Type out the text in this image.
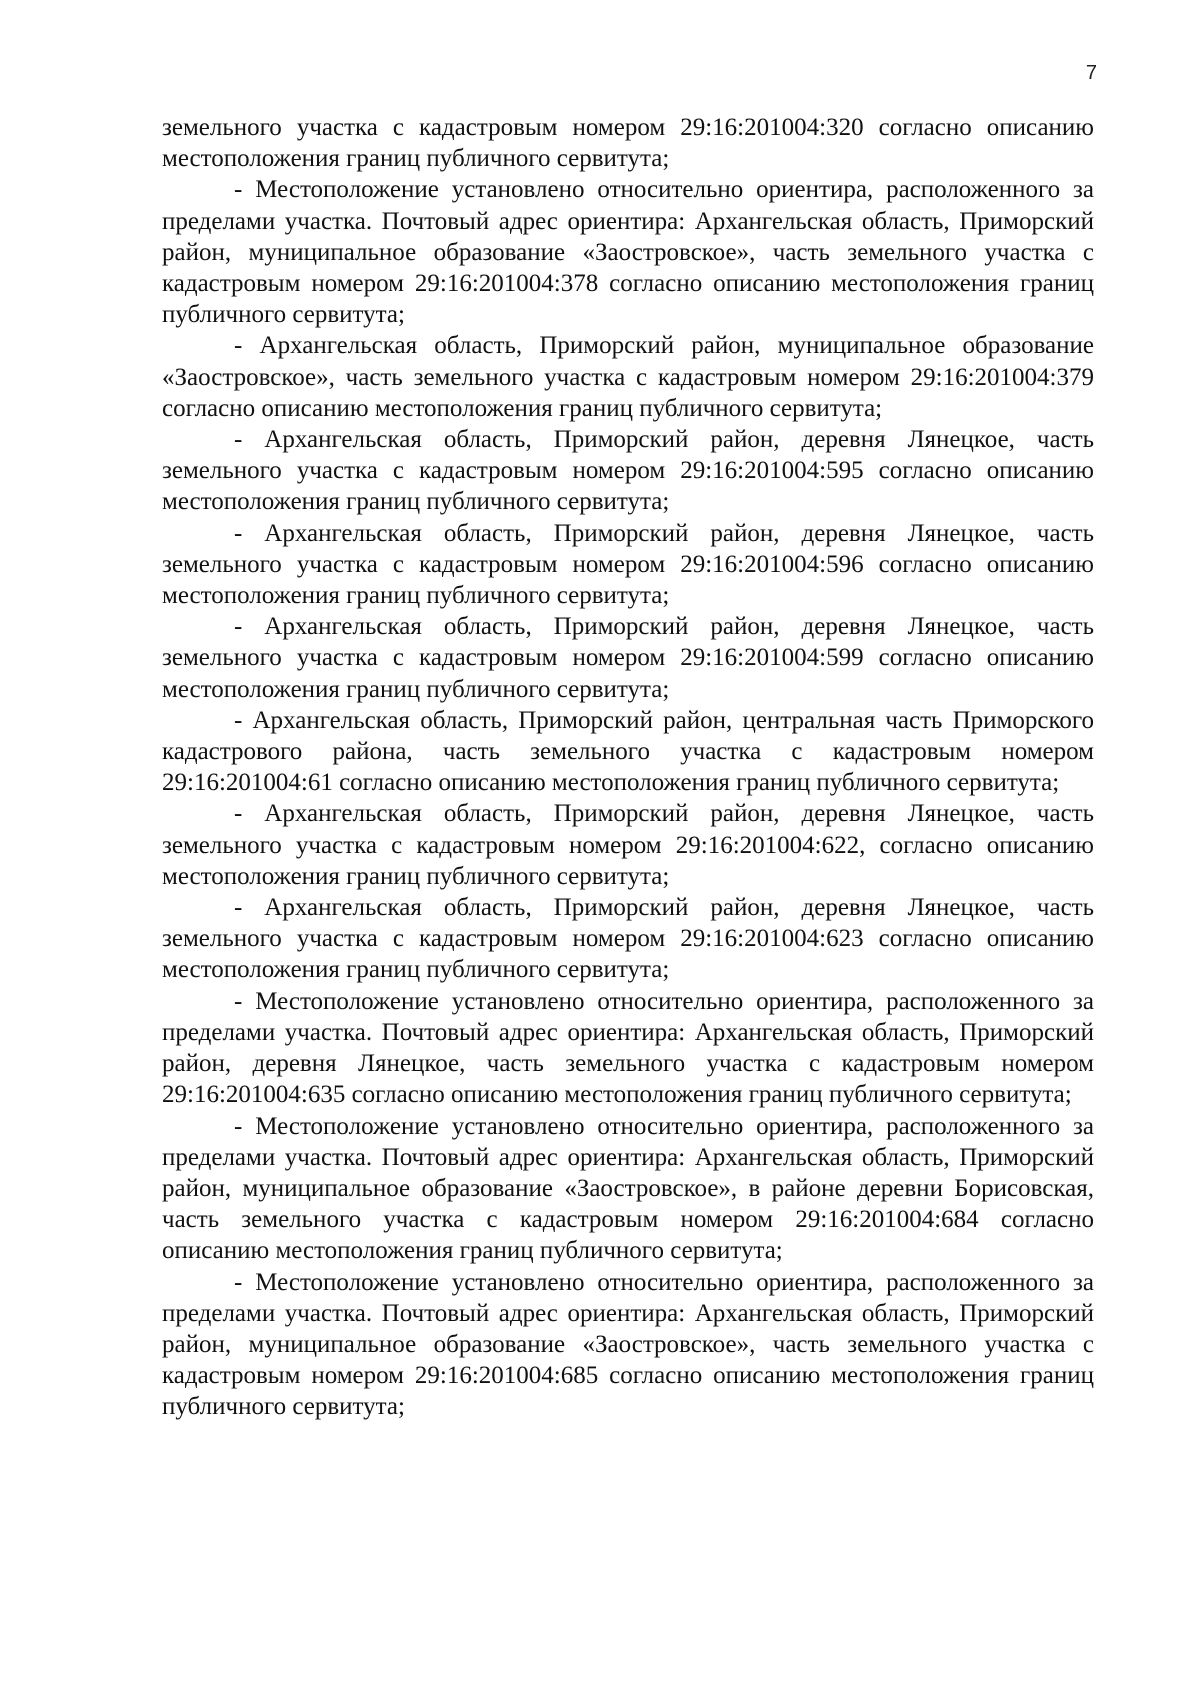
7

земельного участка с кадастровым номером 29:16:201004:320 согласно описанию местоположения границ публичного сервитута;

- Местоположение установлено относительно ориентира, расположенного за пределами участка. Почтовый адрес ориентира: Архангельская область, Приморский район, муниципальное образование «Заостровское», часть земельного участка с кадастровым номером 29:16:201004:378 согласно описанию местоположения границ публичного сервитута;

- Архангельская область, Приморский район, муниципальное образование «Заостровское», часть земельного участка с кадастровым номером 29:16:201004:379 согласно описанию местоположения границ публичного сервитута;

- Архангельская область, Приморский район, деревня Лянецкое, часть земельного участка с кадастровым номером 29:16:201004:595 согласно описанию местоположения границ публичного сервитута;

- Архангельская область, Приморский район, деревня Лянецкое, часть земельного участка с кадастровым номером 29:16:201004:596 согласно описанию местоположения границ публичного сервитута;

- Архангельская область, Приморский район, деревня Лянецкое, часть земельного участка с кадастровым номером 29:16:201004:599 согласно описанию местоположения границ публичного сервитута;

- Архангельская область, Приморский район, центральная часть Приморского кадастрового района, часть земельного участка с кадастровым номером 29:16:201004:61 согласно описанию местоположения границ публичного сервитута;

- Архангельская область, Приморский район, деревня Лянецкое, часть земельного участка с кадастровым номером 29:16:201004:622, согласно описанию местоположения границ публичного сервитута;

- Архангельская область, Приморский район, деревня Лянецкое, часть земельного участка с кадастровым номером 29:16:201004:623 согласно описанию местоположения границ публичного сервитута;

- Местоположение установлено относительно ориентира, расположенного за пределами участка. Почтовый адрес ориентира: Архангельская область, Приморский район, деревня Лянецкое, часть земельного участка с кадастровым номером 29:16:201004:635 согласно описанию местоположения границ публичного сервитута;

- Местоположение установлено относительно ориентира, расположенного за пределами участка. Почтовый адрес ориентира: Архангельская область, Приморский район, муниципальное образование «Заостровское», в районе деревни Борисовская, часть земельного участка с кадастровым номером 29:16:201004:684 согласно описанию местоположения границ публичного сервитута;

- Местоположение установлено относительно ориентира, расположенного за пределами участка. Почтовый адрес ориентира: Архангельская область, Приморский район, муниципальное образование «Заостровское», часть земельного участка с кадастровым номером 29:16:201004:685 согласно описанию местоположения границ публичного сервитута;
